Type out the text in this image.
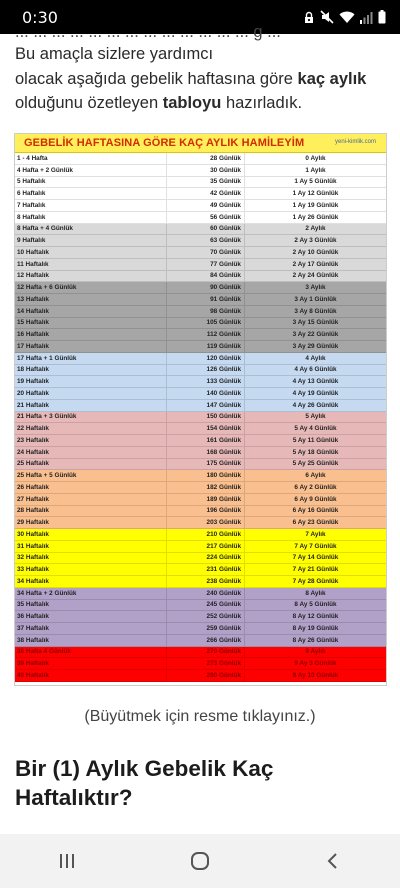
0:30
... ... ... ... ... ... ... ... ... ... ... ... ... g ...
Bu amaçla sizlere yardımcı
olacak aşağıda gebelik haftasına göre kaç aylık
olduğunu özetleyen tabloyu hazırladık.
GEBELİK HAFTASINA GÖRE KAÇ AYLIK HAMİLEYİM	yeni-kimlik.com
1 - 4 Hafta	28 Günlük	0 Aylık
4 Hafta + 2 Günlük	30 Günlük	1 Aylık
5 Haftalık	35 Günlük	1 Ay 5 Günlük
6 Haftalık	42 Günlük	1 Ay 12 Günlük
7 Haftalık	49 Günlük	1 Ay 19 Günlük
8 Haftalık	56 Günlük	1 Ay 26 Günlük
8 Hafta + 4 Günlük	60 Günlük	2 Aylık
9 Haftalık	63 Günlük	2 Ay 3 Günlük
10 Haftalık	70 Günlük	2 Ay 10 Günlük
11 Haftalık	77 Günlük	2 Ay 17 Günlük
12 Haftalık	84 Günlük	2 Ay 24 Günlük
12 Hafta + 6 Günlük	90 Günlük	3 Aylık
13 Haftalık	91 Günlük	3 Ay 1 Günlük
14 Haftalık	98 Günlük	3 Ay 8 Günlük
15 Haftalık	105 Günlük	3 Ay 15 Günlük
16 Haftalık	112 Günlük	3 Ay 22 Günlük
17 Haftalık	119 Günlük	3 Ay 29 Günlük
17 Hafta + 1 Günlük	120 Günlük	4 Aylık
18 Haftalık	126 Günlük	4 Ay 6 Günlük
19 Haftalık	133 Günlük	4 Ay 13 Günlük
20 Haftalık	140 Günlük	4 Ay 19 Günlük
21 Haftalık	147 Günlük	4 Ay 26 Günlük
21 Hafta + 3 Günlük	150 Günlük	5 Aylık
22 Haftalık	154 Günlük	5 Ay 4 Günlük
23 Haftalık	161 Günlük	5 Ay 11 Günlük
24 Haftalık	168 Günlük	5 Ay 18 Günlük
25 Haftalık	175 Günlük	5 Ay 25 Günlük
25 Hafta + 5 Günlük	180 Günlük	6 Aylık
26 Haftalık	182 Günlük	6 Ay 2 Günlük
27 Haftalık	189 Günlük	6 Ay 9 Günlük
28 Haftalık	196 Günlük	6 Ay 16 Günlük
29 Haftalık	203 Günlük	6 Ay 23 Günlük
30 Haftalık	210 Günlük	7 Aylık
31 Haftalık	217 Günlük	7 Ay 7 Günlük
32 Haftalık	224 Günlük	7 Ay 14 Günlük
33 Haftalık	231 Günlük	7 Ay 21 Günlük
34 Haftalık	238 Günlük	7 Ay 28 Günlük
34 Hafta + 2 Günlük	240 Günlük	8 Aylık
35 Haftalık	245 Günlük	8 Ay 5 Günlük
36 Haftalık	252 Günlük	8 Ay 12 Günlük
37 Haftalık	259 Günlük	8 Ay 19 Günlük
38 Haftalık	266 Günlük	8 Ay 26 Günlük
38 Hafta 4 Günlük	270 Günlük	9 Aylık
39 Haftalık	273 Günlük	9 Ay 3 Günlük
40 Haftalık	280 Günlük	9 Ay 10 Günlük
(Büyütmek için resme tıklayınız.)
Bir (1) Aylık Gebelik Kaç Haftalıktır?
